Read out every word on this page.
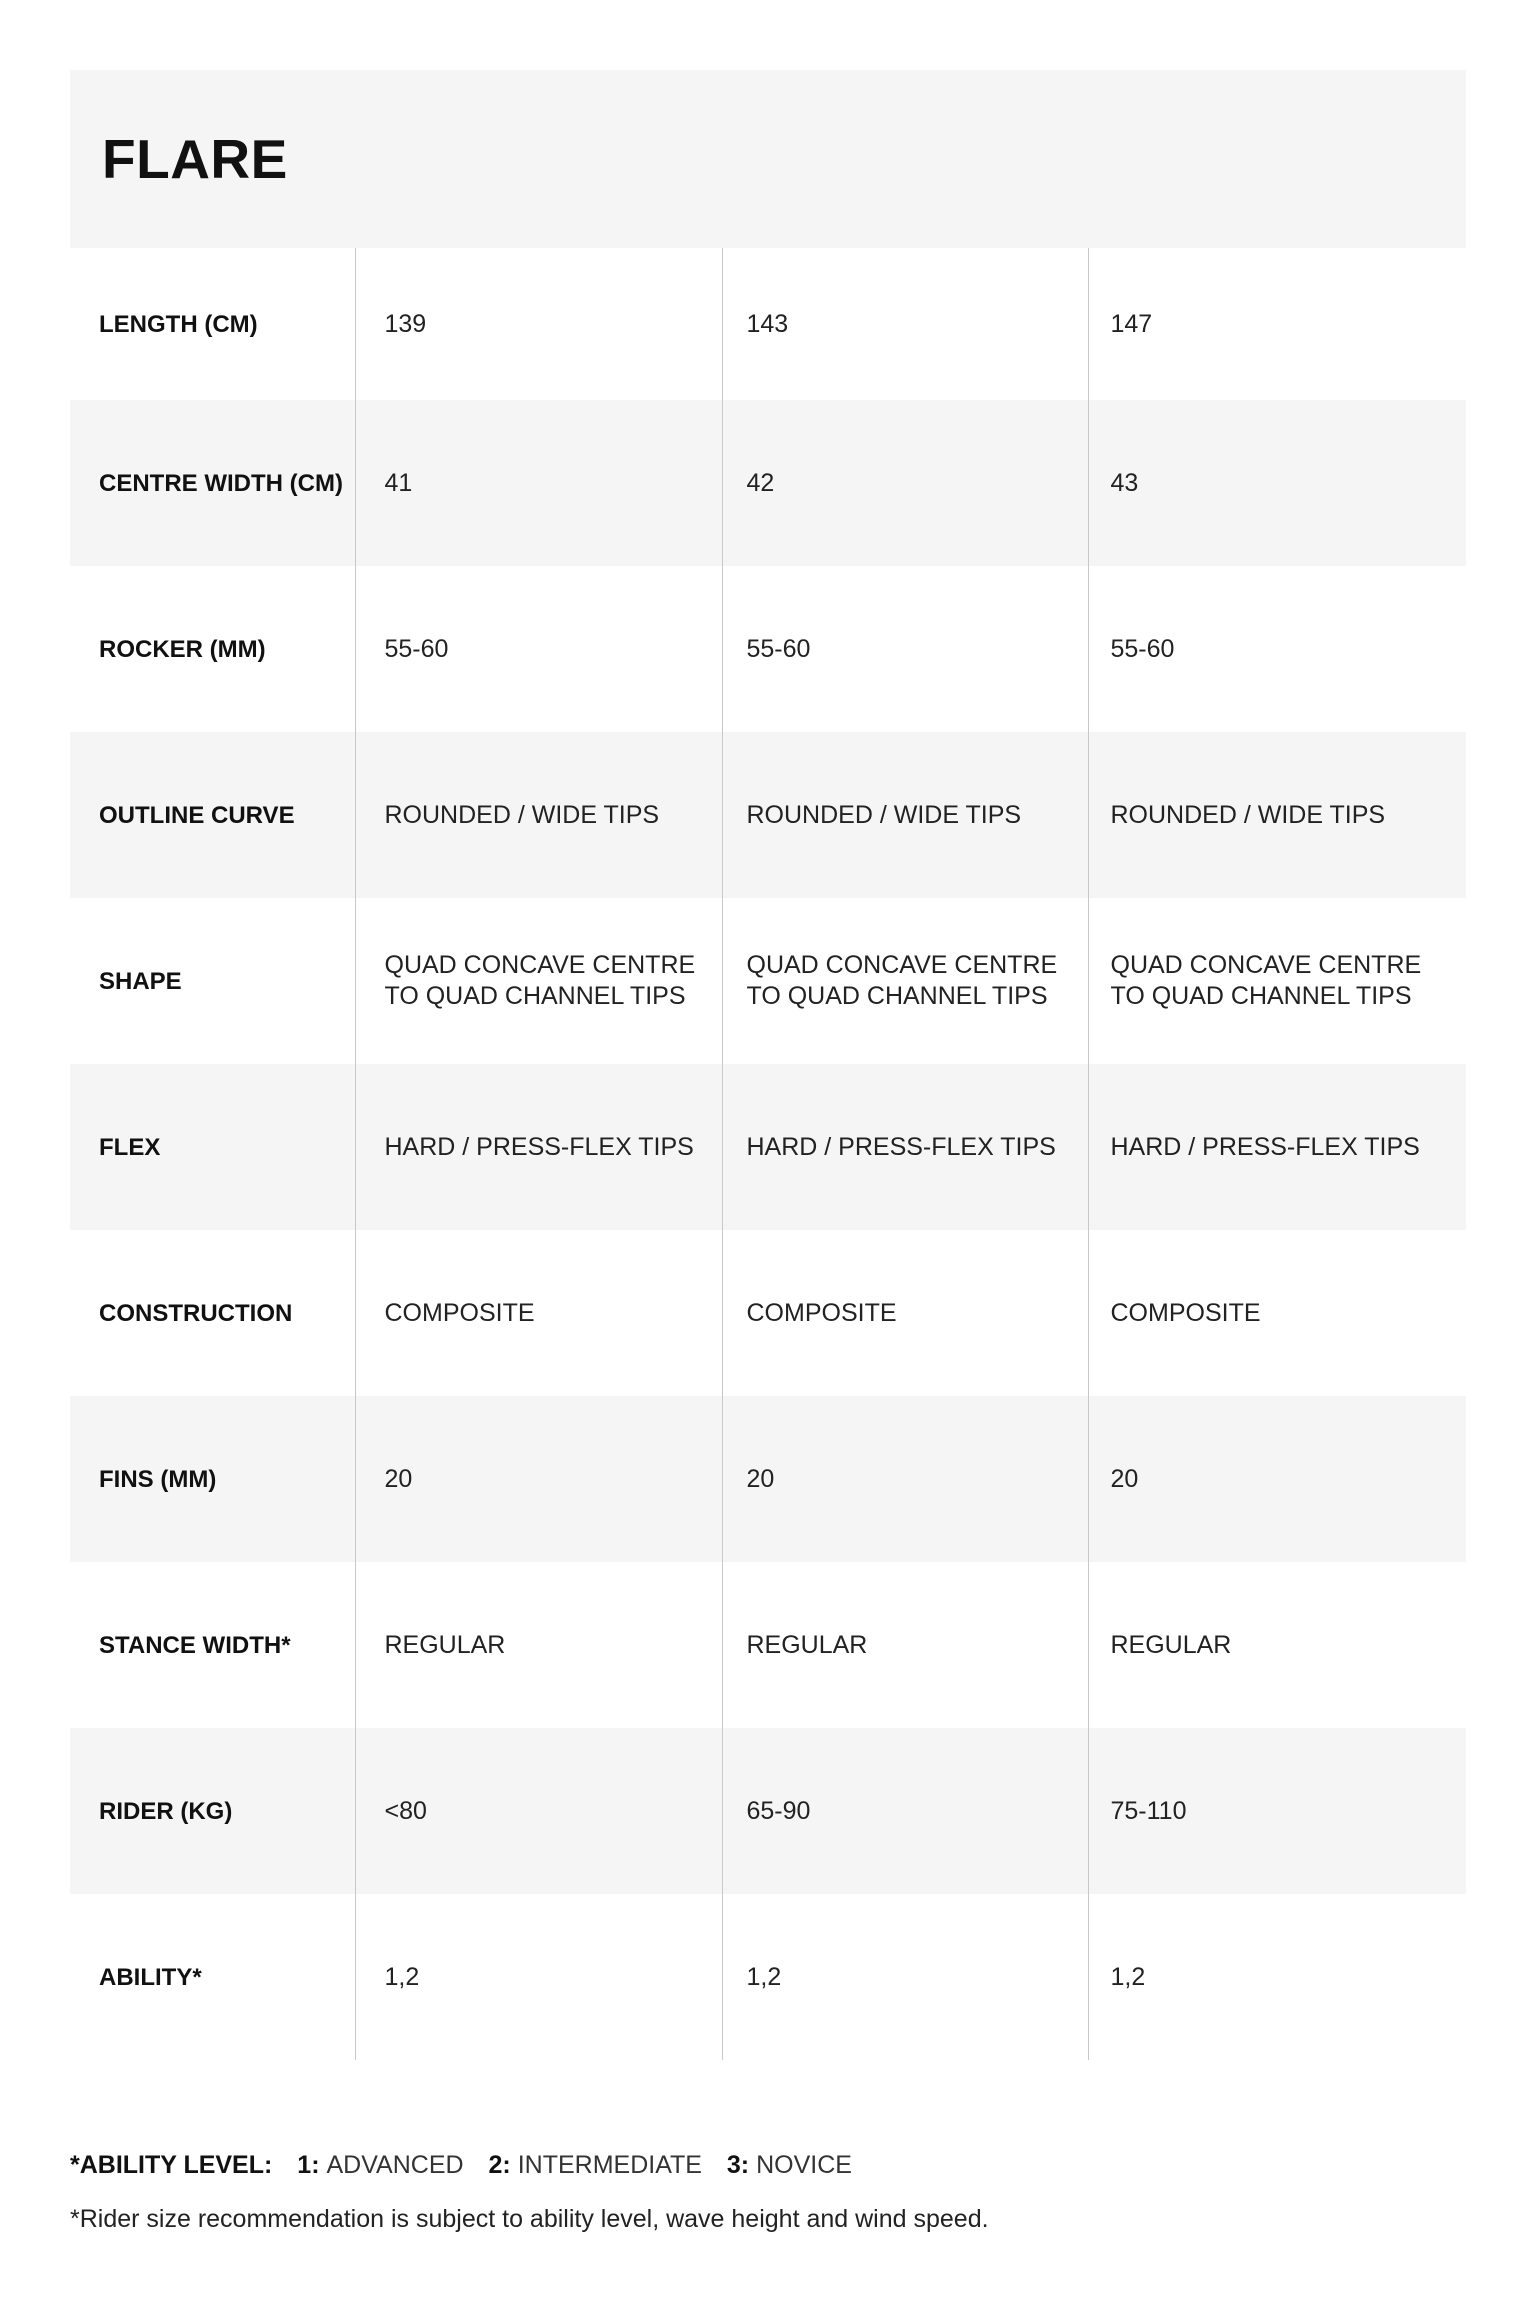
FLARE
LENGTH (CM)	139	143	147
CENTRE WIDTH (CM)	41	42	43
ROCKER (MM)	55-60	55-60	55-60
OUTLINE CURVE	ROUNDED / WIDE TIPS	ROUNDED / WIDE TIPS	ROUNDED / WIDE TIPS
SHAPE	QUAD CONCAVE CENTRE TO QUAD CHANNEL TIPS	QUAD CONCAVE CENTRE TO QUAD CHANNEL TIPS	QUAD CONCAVE CENTRE TO QUAD CHANNEL TIPS
FLEX	HARD / PRESS-FLEX TIPS	HARD / PRESS-FLEX TIPS	HARD / PRESS-FLEX TIPS
CONSTRUCTION	COMPOSITE	COMPOSITE	COMPOSITE
FINS (MM)	20	20	20
STANCE WIDTH*	REGULAR	REGULAR	REGULAR
RIDER (KG)	<80	65-90	75-110
ABILITY*	1,2	1,2	1,2
*ABILITY LEVEL: 1: ADVANCED 2: INTERMEDIATE 3: NOVICE
*Rider size recommendation is subject to ability level, wave height and wind speed.
